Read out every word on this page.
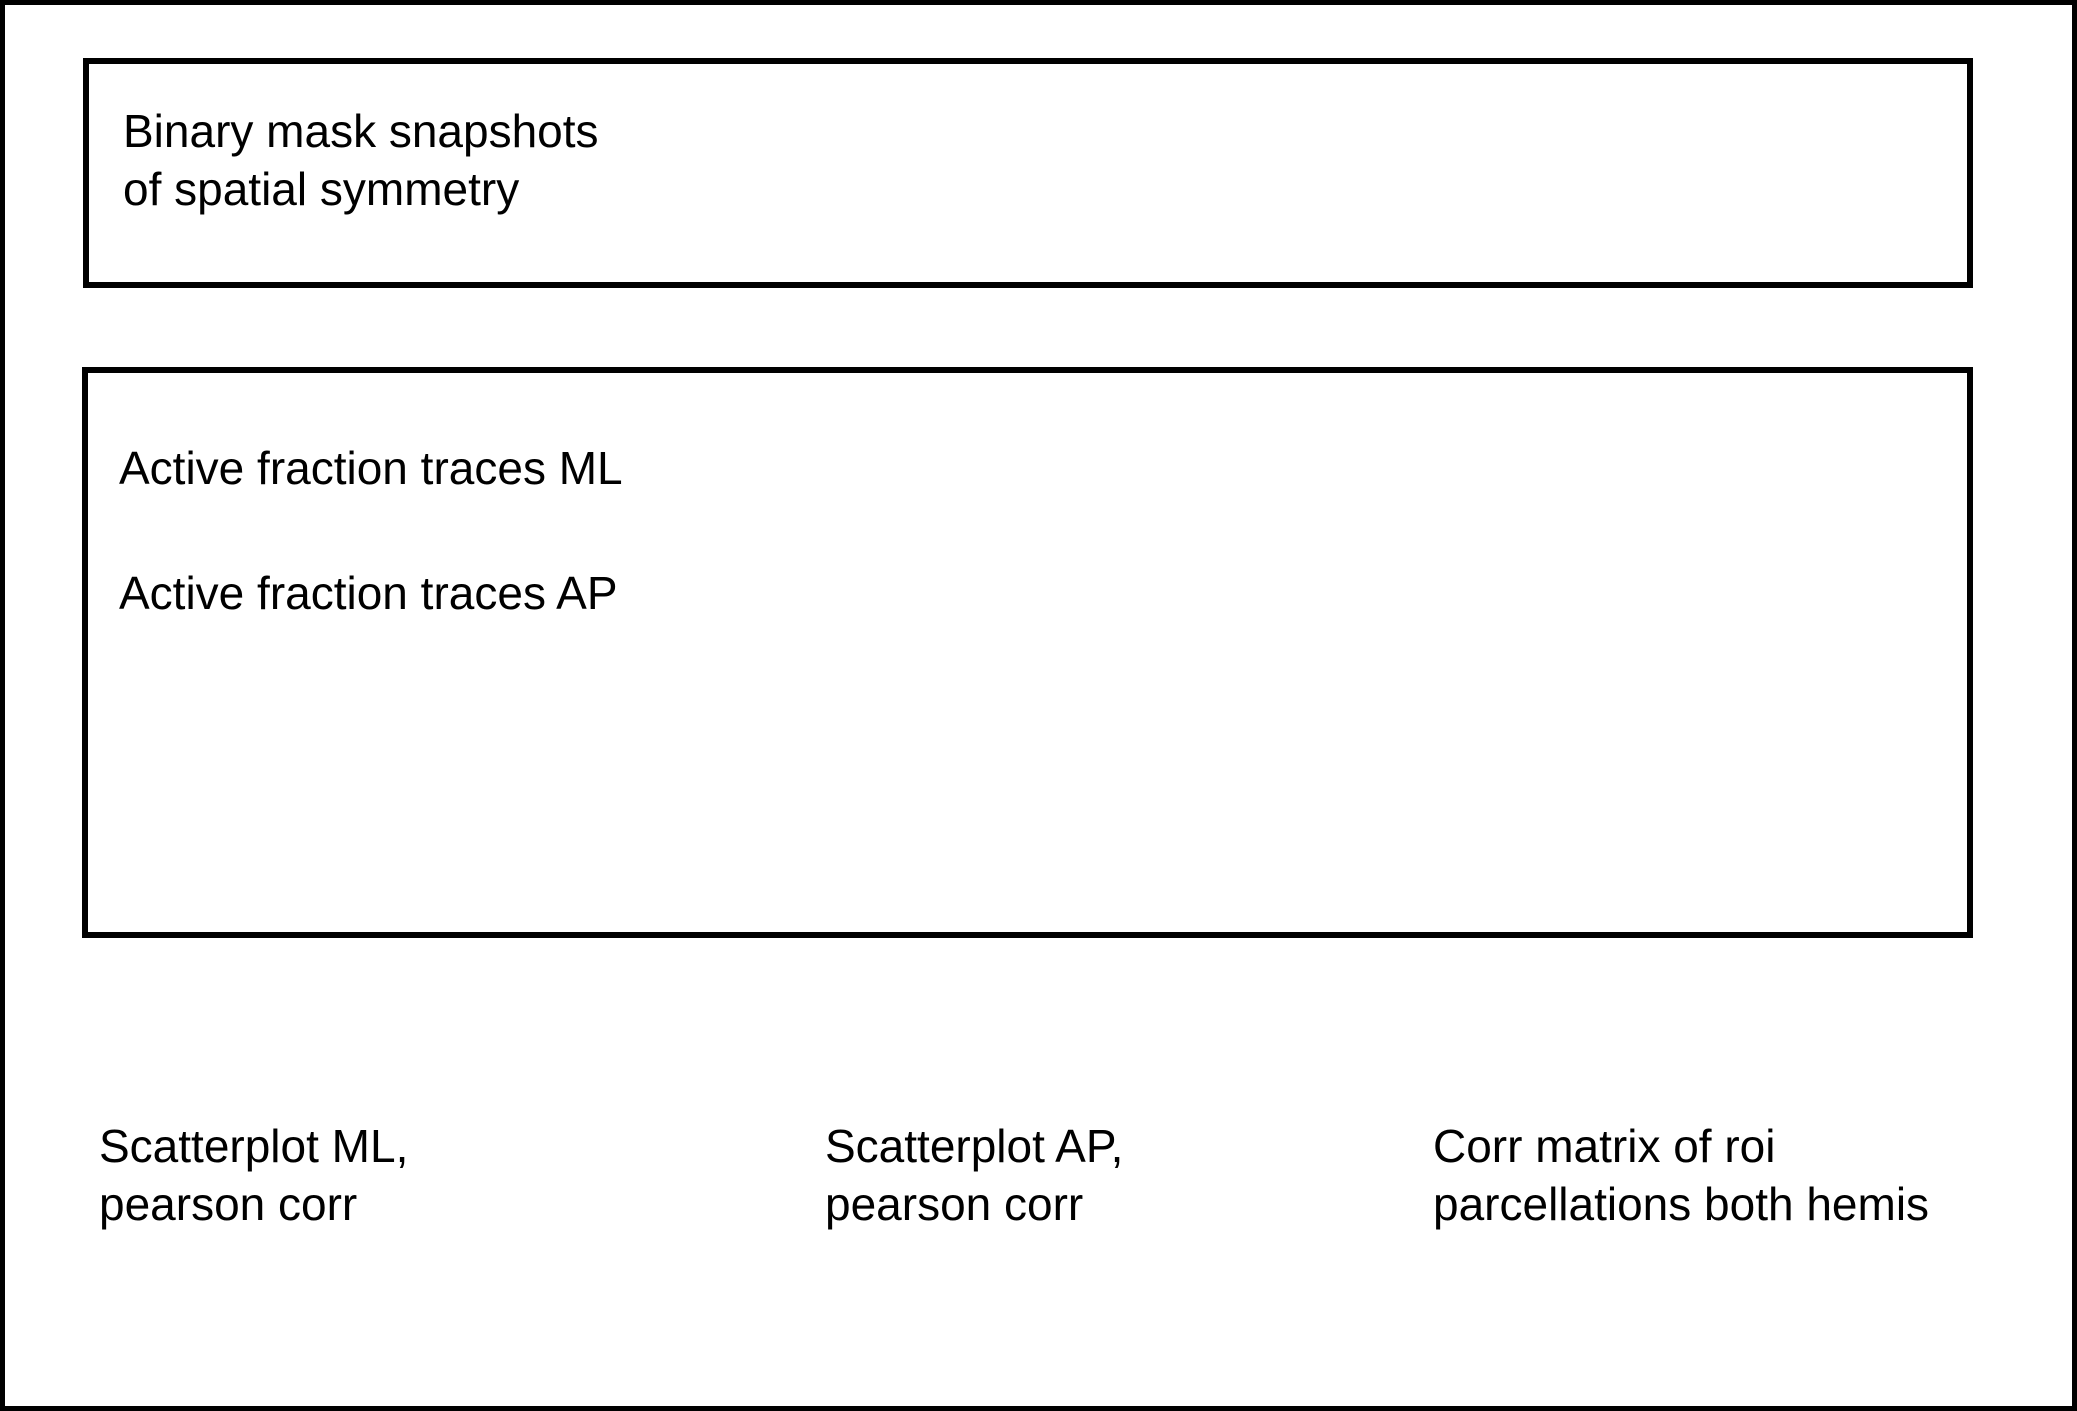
Binary mask snapshots
of spatial symmetry
Active fraction traces ML
Active fraction traces AP
Scatterplot ML,
pearson corr
Scatterplot AP,
pearson corr
Corr matrix of roi
parcellations both hemis
